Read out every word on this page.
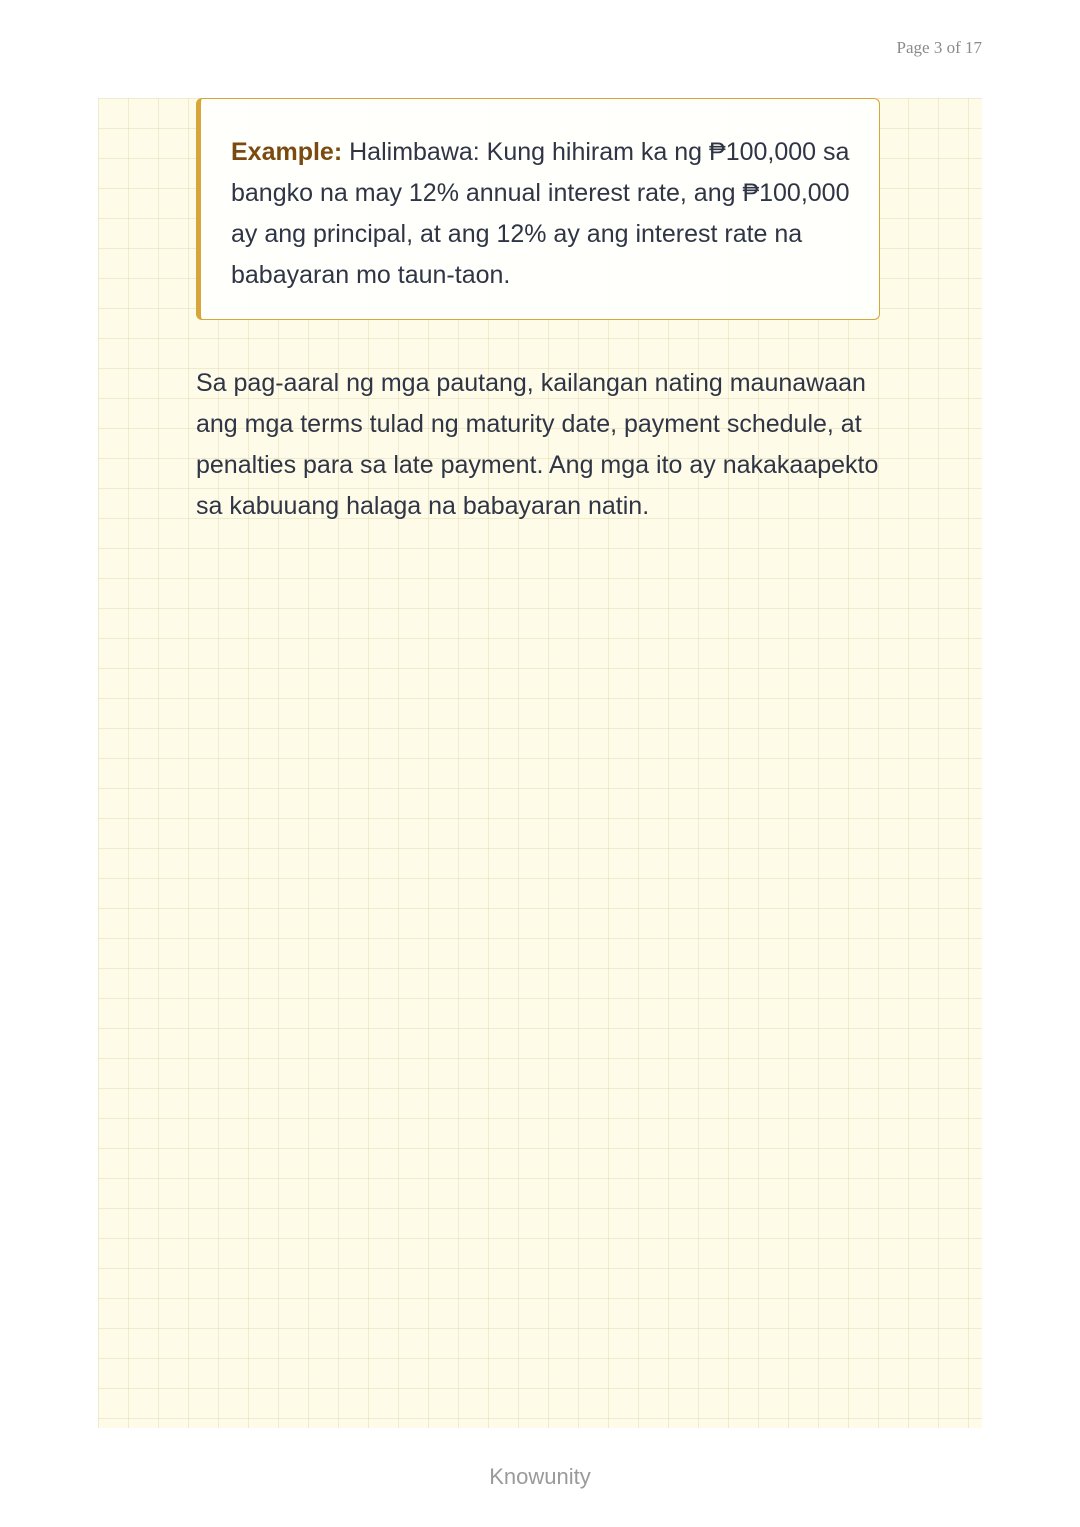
Page 3 of 17

Example: Halimbawa: Kung hihiram ka ng ₱100,000 sa bangko na may 12% annual interest rate, ang ₱100,000 ay ang principal, at ang 12% ay ang interest rate na babayaran mo taun-taon.

Sa pag-aaral ng mga pautang, kailangan nating maunawaan ang mga terms tulad ng maturity date, payment schedule, at penalties para sa late payment. Ang mga ito ay nakakaapekto sa kabuuang halaga na babayaran natin.

Knowunity
